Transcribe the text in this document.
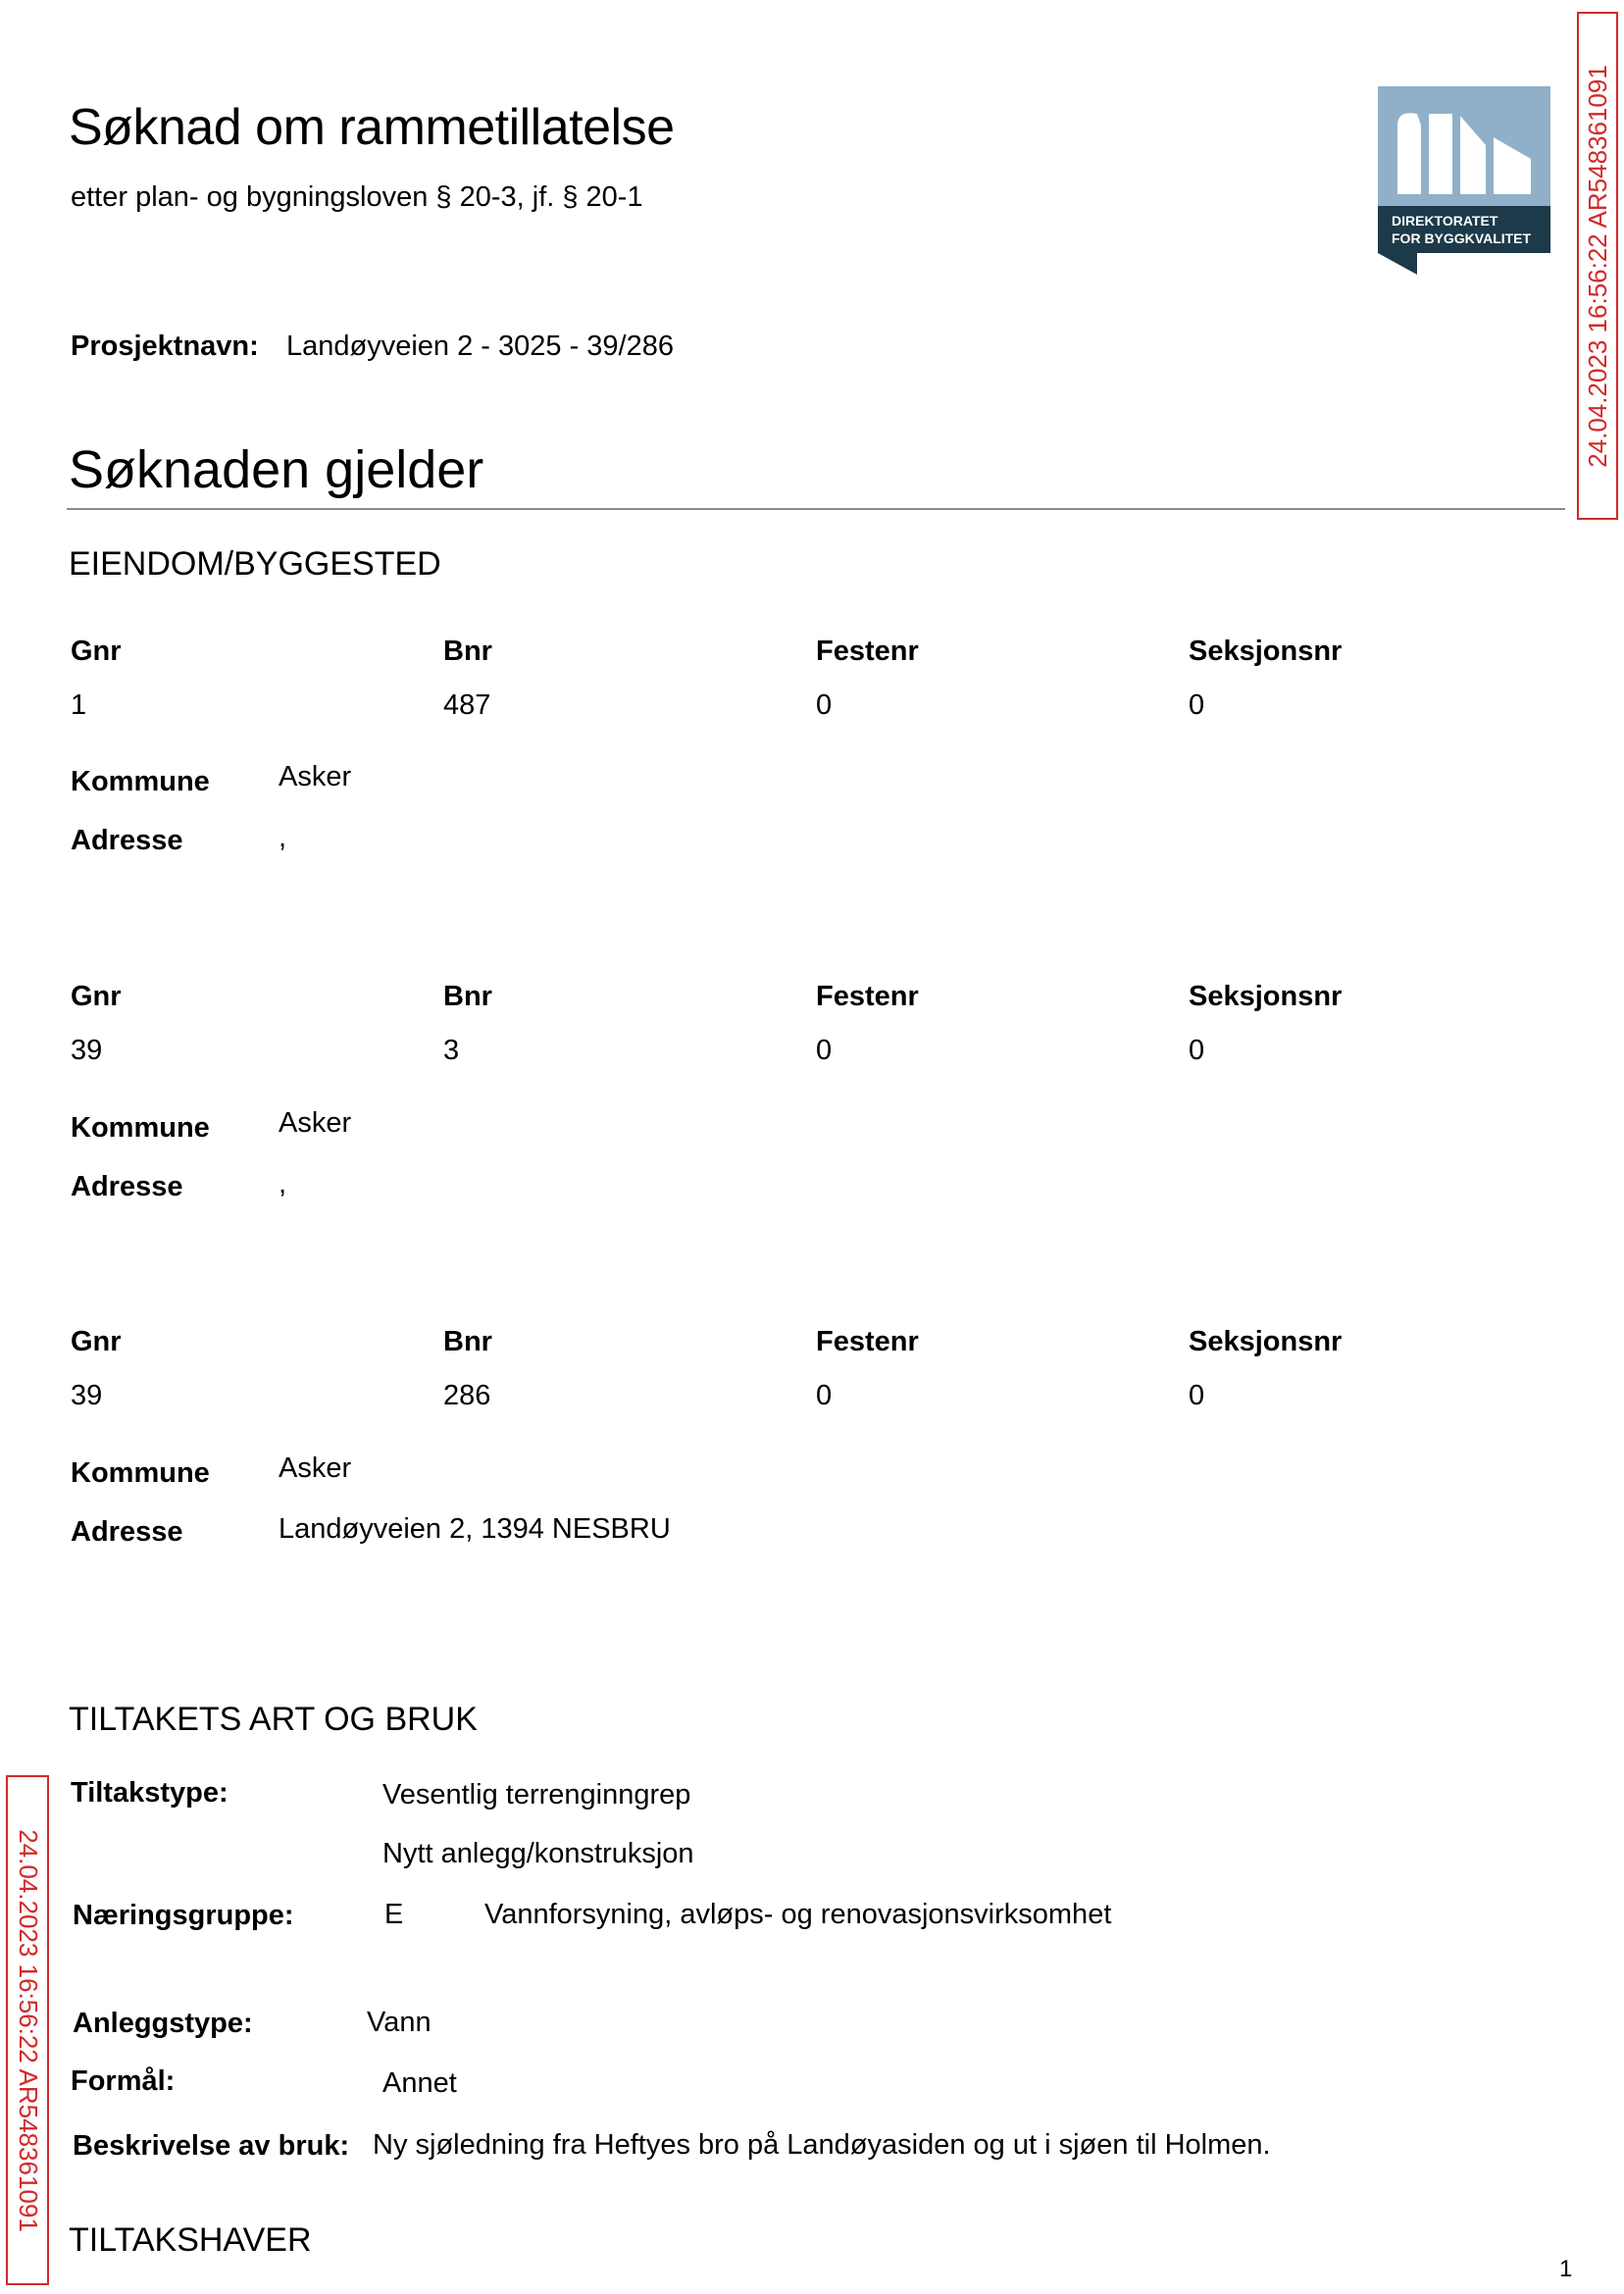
Søknad om rammetillatelse
etter plan- og bygningsloven § 20-3, jf. § 20-1
DIREKTORATET
FOR BYGGKVALITET 24.04.2023 16:56:22 AR548361091
24.04.2023 16:56:22 AR548361091
Prosjektnavn: Landøyveien 2 - 3025 - 39/286
Søknaden gjelder
EIENDOM/BYGGESTED
Gnr	Bnr	Festenr	Seksjonsnr
1	487	0	0
Kommune Asker
Adresse	,
Gnr	Bnr	Festenr	Seksjonsnr
39	3	0	0
Kommune Asker
Adresse	,
Gnr	Bnr	Festenr	Seksjonsnr
39	286	0	0
Kommune Asker
Adresse	Landøyveien 2, 1394 NESBRU
TILTAKETS ART OG BRUK
Tiltakstype:	Vesentlig terrenginngrep
Nytt anlegg/konstruksjon
Næringsgruppe:	E	Vannforsyning, avløps- og renovasjonsvirksomhet
Anleggstype:	Vann
Formål:	Annet
Beskrivelse av bruk: Ny sjøledning fra Heftyes bro på Landøyasiden og ut i sjøen til Holmen.
TILTAKSHAVER
1
